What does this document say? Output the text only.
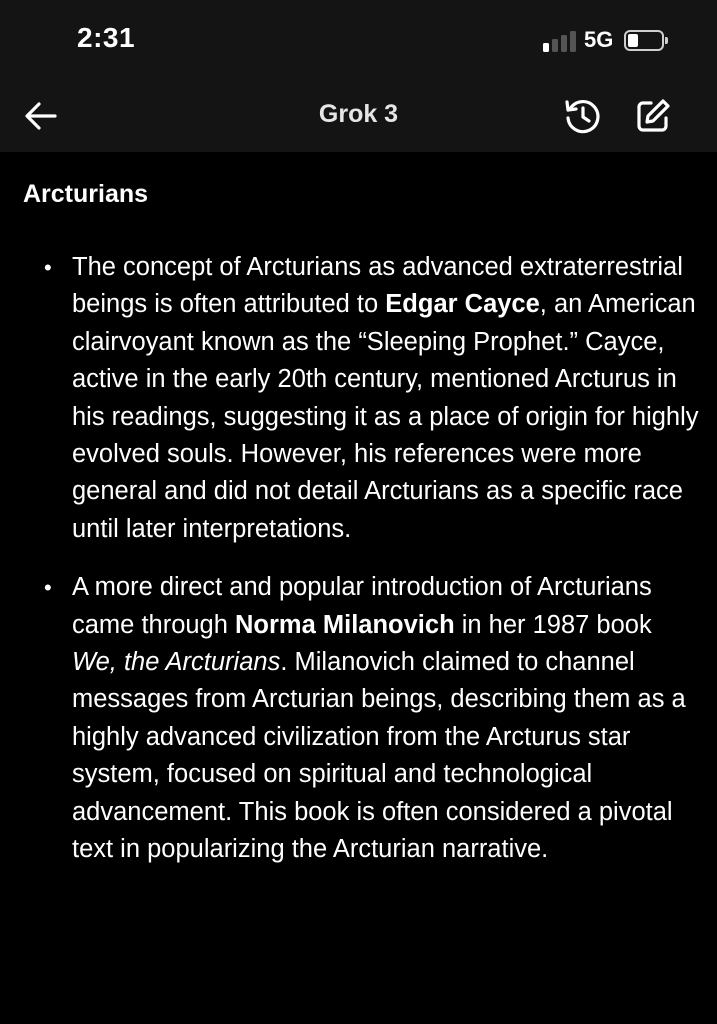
2:31	5G
Grok 3
Arcturians
• The concept of Arcturians as advanced extraterrestrial beings is often attributed to Edgar Cayce, an American clairvoyant known as the “Sleeping Prophet.” Cayce, active in the early 20th century, mentioned Arcturus in his readings, suggesting it as a place of origin for highly evolved souls. However, his references were more general and did not detail Arcturians as a specific race until later interpretations.
• A more direct and popular introduction of Arcturians came through Norma Milanovich in her 1987 book We, the Arcturians. Milanovich claimed to channel messages from Arcturian beings, describing them as a highly advanced civilization from the Arcturus star system, focused on spiritual and technological advancement. This book is often considered a pivotal text in popularizing the Arcturian narrative.
